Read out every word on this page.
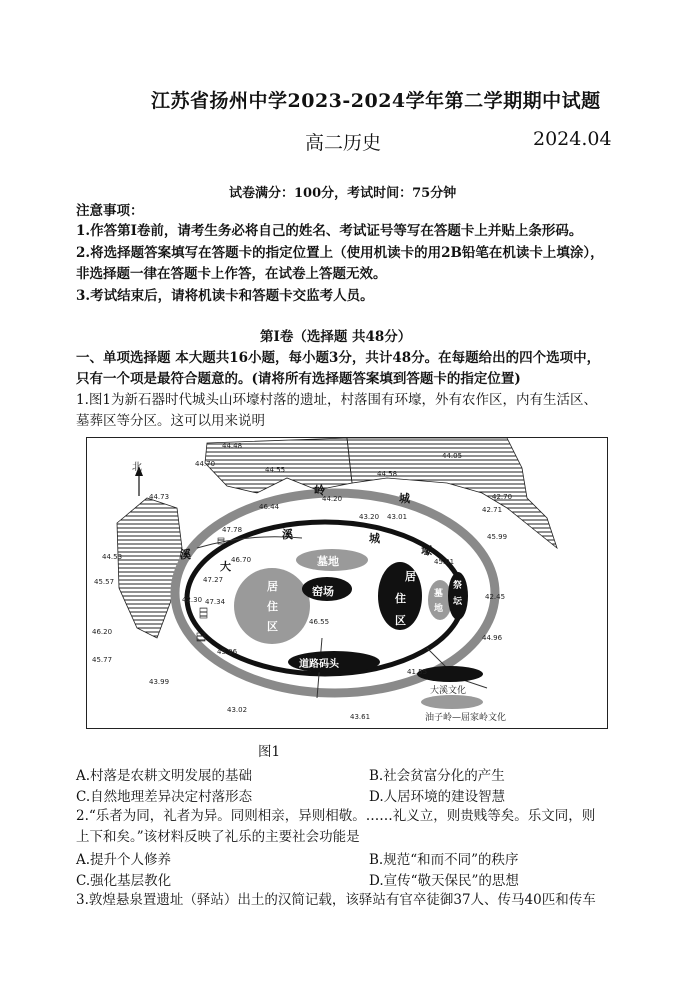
江苏省扬州中学2023-2024学年第二学期期中试题
高二历史	2024.04
试卷满分：100分，考试时间：75分钟
注意事项：
1.作答第Ⅰ卷前，请考生务必将自己的姓名、考试证号等写在答题卡上并贴上条形码。
2.将选择题答案填写在答题卡的指定位置上（使用机读卡的用2B铅笔在机读卡上填涂），
非选择题一律在答题卡上作答，在试卷上答题无效。
3.考试结束后，请将机读卡和答题卡交监考人员。
第Ⅰ卷（选择题 共48分）
一、单项选择题 本大题共16小题，每小题3分，共计48分。在每题给出的四个选项中，
只有一个项是最符合题意的。(请将所有选择题答案填到答题卡的指定位置)
1.图1为新石器时代城头山环壕村落的遗址，村落围有环壕，外有农作区，内有生活区、
墓葬区等分区。这可以用来说明
北
岭
城
溪	城
壕
大
溪
墓地
窑场
居
住
区
居
住
区
墓
地
祭
坛
道路码头
大溪文化
油子岭—屈家岭文化
44.48
44.70
44.73
44.05
44.55	44.58
42.70
42.71
44.20
46.44
43.20 43.01
47.78
45.99
46.70	45.01
44.53
45.57	47.27
42.45
47.34
46.55
46.20
44.96
45.77
45.96
43.99
43.02
43.61
41.55
42.30
图1
A.村落是农耕文明发展的基础	B.社会贫富分化的产生
C.自然地理差异决定村落形态	D.人居环境的建设智慧
2.“乐者为同，礼者为异。同则相亲，异则相敬。……礼义立，则贵贱等矣。乐文同，则
上下和矣。”该材料反映了礼乐的主要社会功能是
A.提升个人修养	B.规范“和而不同”的秩序
C.强化基层教化	D.宣传“敬天保民”的思想
3.敦煌悬泉置遗址（驿站）出土的汉简记载，该驿站有官卒徒御37人、传马40匹和传车
